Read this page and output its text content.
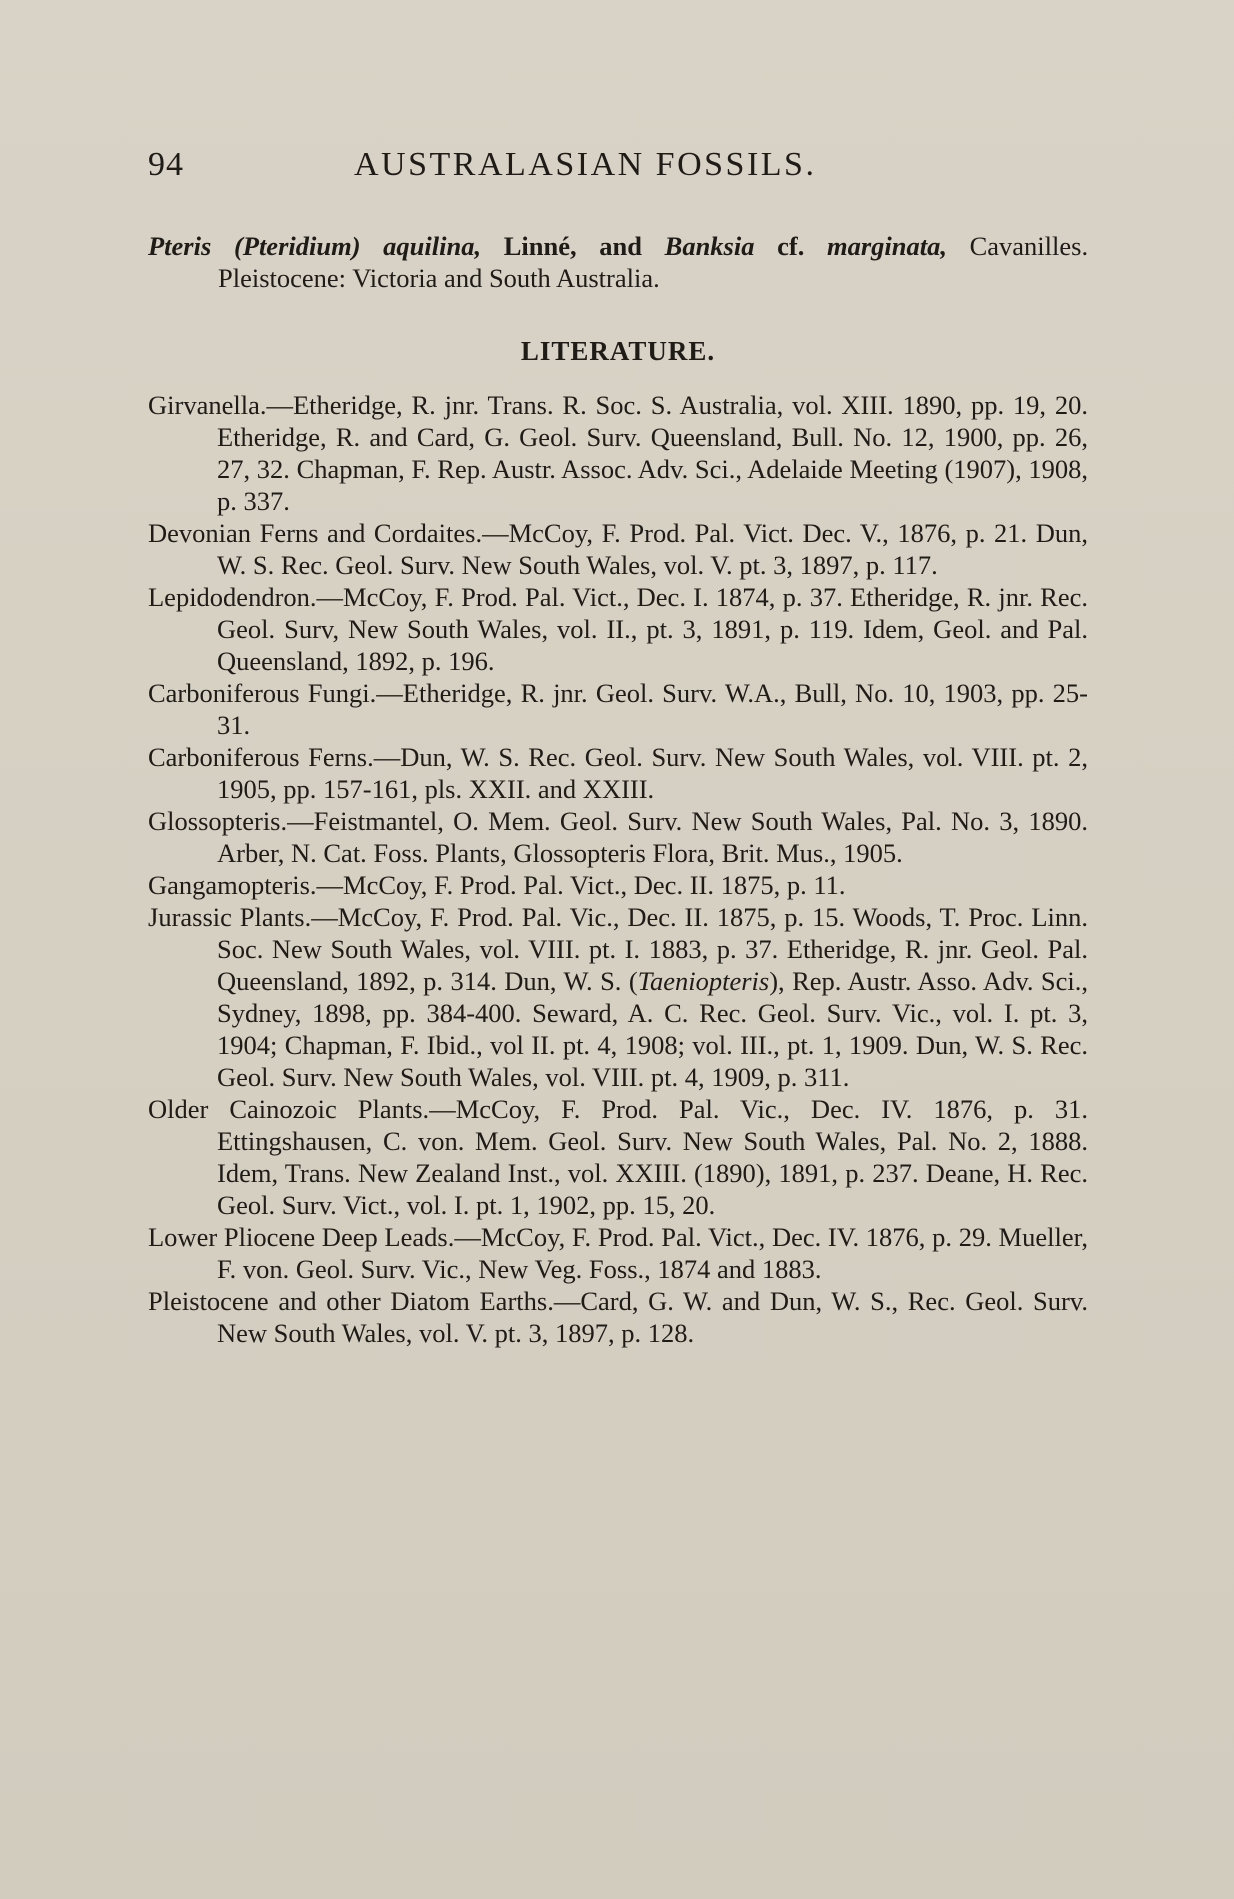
94	AUSTRALASIAN FOSSILS.

Pteris (Pteridium) aquilina, Linné, and Banksia cf. marginata, Cavanilles. Pleistocene: Victoria and South Australia.

LITERATURE.

Girvanella.—Etheridge, R. jnr. Trans. R. Soc. S. Australia, vol. XIII. 1890, pp. 19, 20. Etheridge, R. and Card, G. Geol. Surv. Queensland, Bull. No. 12, 1900, pp. 26, 27, 32. Chapman, F. Rep. Austr. Assoc. Adv. Sci., Adelaide Meeting (1907), 1908, p. 337.

Devonian Ferns and Cordaites.—McCoy, F. Prod. Pal. Vict. Dec. V., 1876, p. 21. Dun, W. S. Rec. Geol. Surv. New South Wales, vol. V. pt. 3, 1897, p. 117.

Lepidodendron.—McCoy, F. Prod. Pal. Vict., Dec. I. 1874, p. 37. Etheridge, R. jnr. Rec. Geol. Surv, New South Wales, vol. II., pt. 3, 1891, p. 119. Idem, Geol. and Pal. Queensland, 1892, p. 196.

Carboniferous Fungi.—Etheridge, R. jnr. Geol. Surv. W.A., Bull, No. 10, 1903, pp. 25-31.

Carboniferous Ferns.—Dun, W. S. Rec. Geol. Surv. New South Wales, vol. VIII. pt. 2, 1905, pp. 157-161, pls. XXII. and XXIII.

Glossopteris.—Feistmantel, O. Mem. Geol. Surv. New South Wales, Pal. No. 3, 1890. Arber, N. Cat. Foss. Plants, Glossopteris Flora, Brit. Mus., 1905.

Gangamopteris.—McCoy, F. Prod. Pal. Vict., Dec. II. 1875, p. 11.

Jurassic Plants.—McCoy, F. Prod. Pal. Vic., Dec. II. 1875, p. 15. Woods, T. Proc. Linn. Soc. New South Wales, vol. VIII. pt. I. 1883, p. 37. Etheridge, R. jnr. Geol. Pal. Queensland, 1892, p. 314. Dun, W. S. (Taeniopteris), Rep. Austr. Asso. Adv. Sci., Sydney, 1898, pp. 384-400. Seward, A. C. Rec. Geol. Surv. Vic., vol. I. pt. 3, 1904; Chapman, F. Ibid., vol II. pt. 4, 1908; vol. III., pt. 1, 1909. Dun, W. S. Rec. Geol. Surv. New South Wales, vol. VIII. pt. 4, 1909, p. 311.

Older Cainozoic Plants.—McCoy, F. Prod. Pal. Vic., Dec. IV. 1876, p. 31. Ettingshausen, C. von. Mem. Geol. Surv. New South Wales, Pal. No. 2, 1888. Idem, Trans. New Zealand Inst., vol. XXIII. (1890), 1891, p. 237. Deane, H. Rec. Geol. Surv. Vict., vol. I. pt. 1, 1902, pp. 15, 20.

Lower Pliocene Deep Leads.—McCoy, F. Prod. Pal. Vict., Dec. IV. 1876, p. 29. Mueller, F. von. Geol. Surv. Vic., New Veg. Foss., 1874 and 1883.

Pleistocene and other Diatom Earths.—Card, G. W. and Dun, W. S., Rec. Geol. Surv. New South Wales, vol. V. pt. 3, 1897, p. 128.
